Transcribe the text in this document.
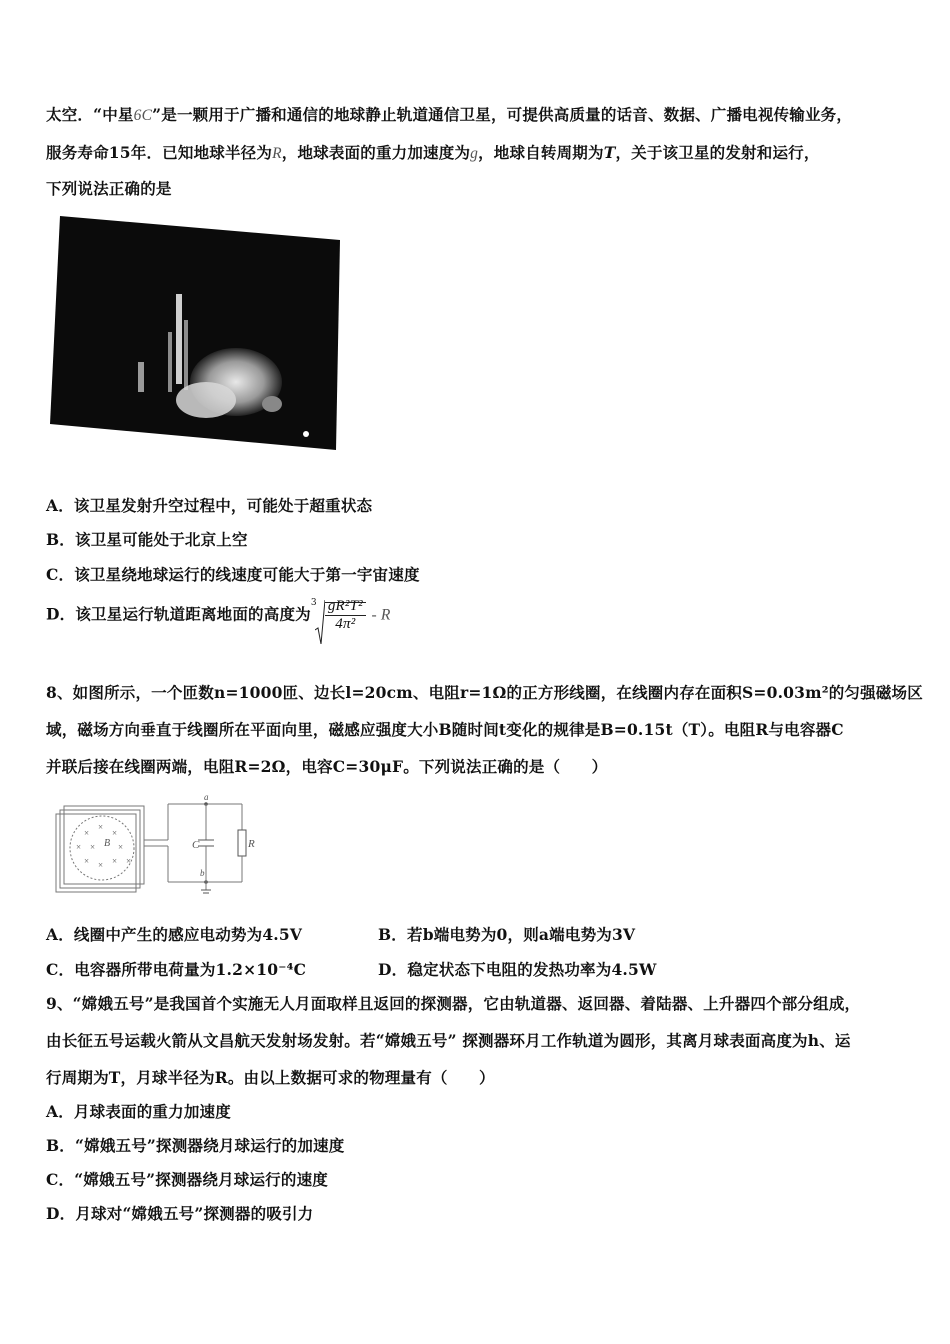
太空．“中星6C”是一颗用于广播和通信的地球静止轨道通信卫星，可提供高质量的话音、数据、广播电视传输业务，
服务寿命15年．已知地球半径为R，地球表面的重力加速度为g，地球自转周期为T，关于该卫星的发射和运行，
下列说法正确的是
A．该卫星发射升空过程中，可能处于超重状态
B．该卫星可能处于北京上空
C．该卫星绕地球运行的线速度可能大于第一宇宙速度
D．该卫星运行轨道距离地面的高度为
$3 \frac{\text{gR²T²}}{\text{4π²}}$ - R
8、如图所示，一个匝数n=1000匝、边长l=20cm、电阻r=1Ω的正方形线圈，在线圈内存在面积S=0.03m²的匀强磁场区
域，磁场方向垂直于线圈所在平面向里，磁感应强度大小B随时间t变化的规律是B=0.15t（T）。电阻R与电容器C
并联后接在线圈两端，电阻R=2Ω，电容C=30μF。下列说法正确的是（　　）
×
×
×
× ×	×
× × × ×
B
a
b
C	R
A．线圈中产生的感应电动势为4.5V	B．若b端电势为0，则a端电势为3V
C．电容器所带电荷量为1.2×10⁻⁴C	D．稳定状态下电阻的发热功率为4.5W
9、“嫦娥五号”是我国首个实施无人月面取样且返回的探测器，它由轨道器、返回器、着陆器、上升器四个部分组成，
由长征五号运载火箭从文昌航天发射场发射。若“嫦娥五号” 探测器环月工作轨道为圆形，其离月球表面高度为h、运
行周期为T，月球半径为R。由以上数据可求的物理量有（　　）
A．月球表面的重力加速度
B．“嫦娥五号”探测器绕月球运行的加速度
C．“嫦娥五号”探测器绕月球运行的速度
D．月球对“嫦娥五号”探测器的吸引力
